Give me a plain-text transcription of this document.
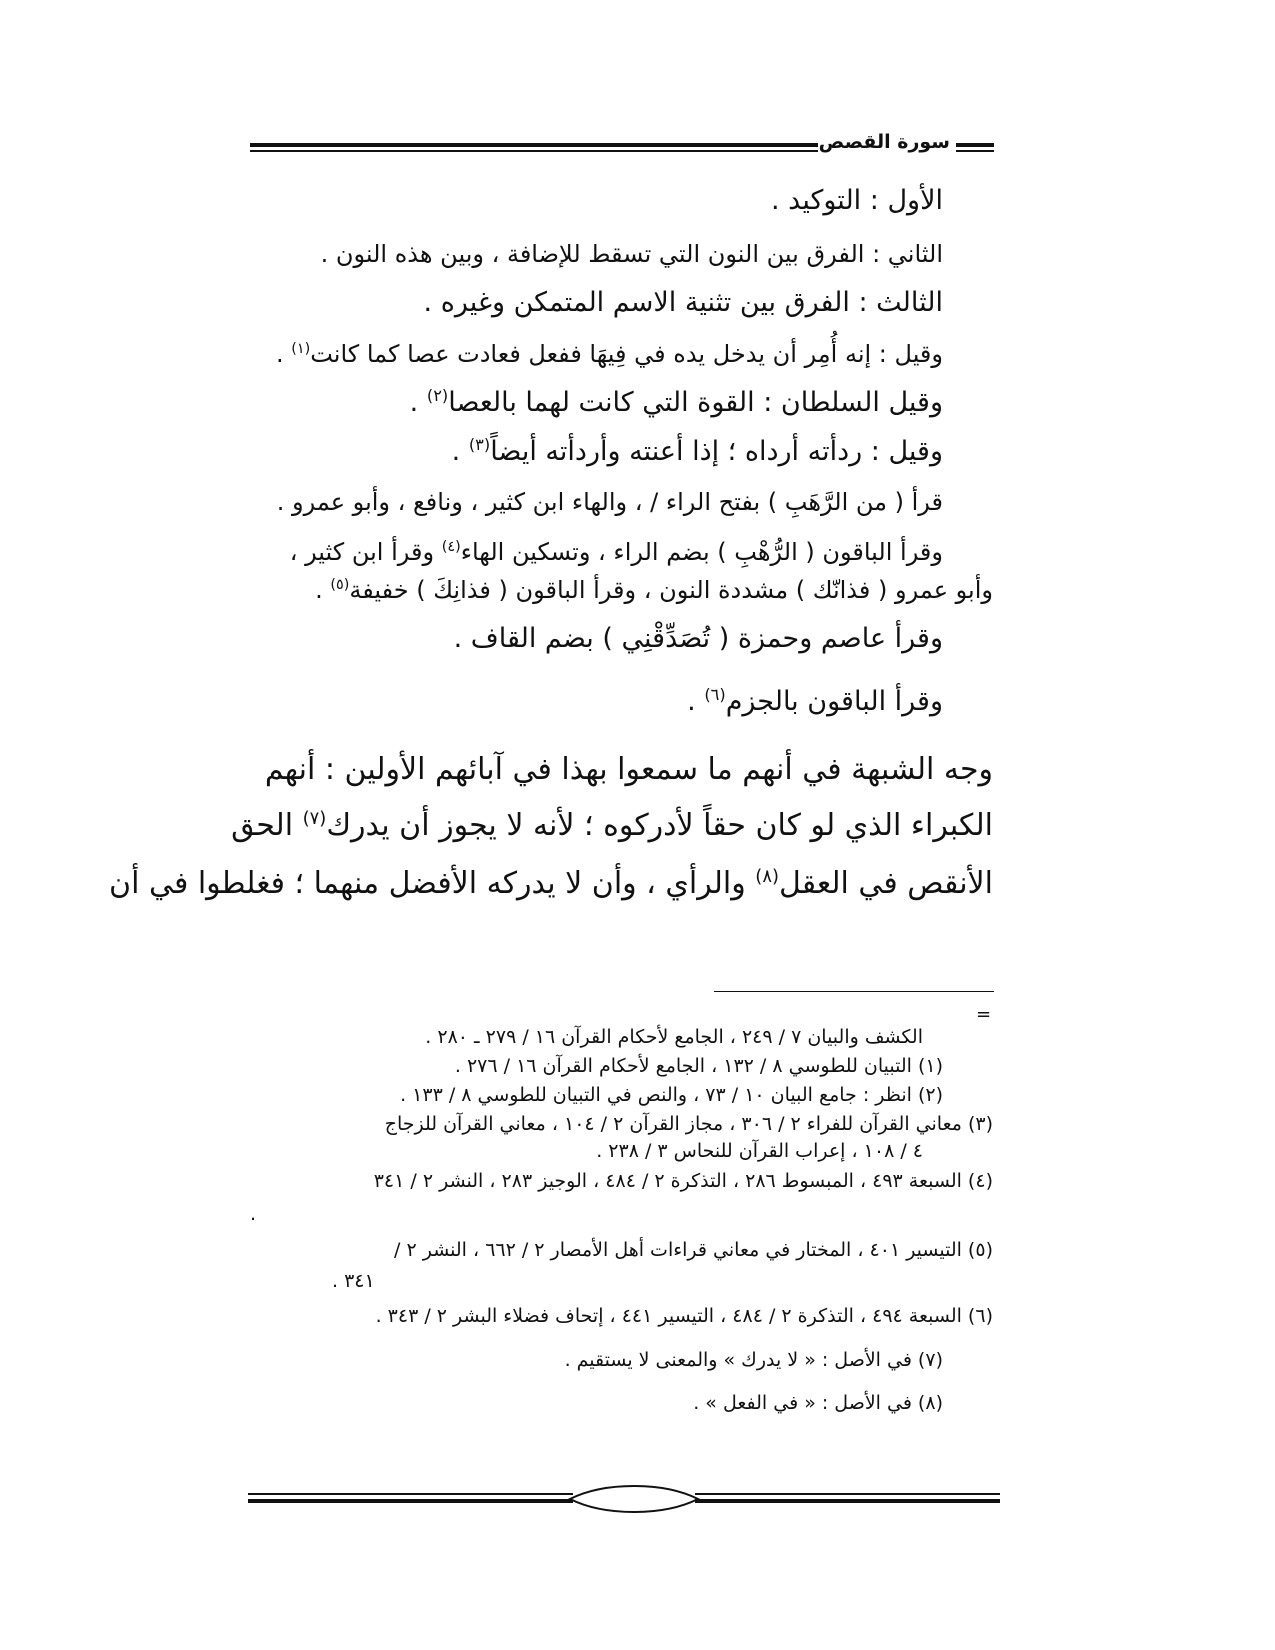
سورة القصص
الأول : التوكيد .
الثاني : الفرق بين النون التي تسقط للإضافة ، وبين هذه النون .
الثالث : الفرق بين تثنية الاسم المتمكن وغيره .
وقيل : إنه أُمِر أن يدخل يده في فِيهَا ففعل فعادت عصا كما كانت$^{(١)}$ .
وقيل السلطان : القوة التي كانت لهما بالعصا$^{(٢)}$ .
وقيل : ردأته أرداه ؛ إذا أعنته وأردأته أيضاً$^{(٣)}$ .
قرأ ( من الرَّهَبِ ) بفتح الراء / ، والهاء ابن كثير ، ونافع ، وأبو عمرو .
وقرأ الباقون ( الرُّهْبِ ) بضم الراء ، وتسكين الهاء$^{(٤)}$ وقرأ ابن كثير ،
وأبو عمرو ( فذانّك ) مشددة النون ، وقرأ الباقون ( فذانِكَ ) خفيفة$^{(٥)}$ .
وقرأ عاصم وحمزة ( تُصَدِّقْنِي ) بضم القاف .
وقرأ الباقون بالجزم$^{(٦)}$ .
وجه الشبهة في أنهم ما سمعوا بهذا في آبائهم الأولين : أنهم
الكبراء الذي لو كان حقاً لأدركوه ؛ لأنه لا يجوز أن يدرك$^{(٧)}$ الحق
الأنقص في العقل$^{(٨)}$ والرأي ، وأن لا يدركه الأفضل منهما ؛ فغلطوا في أن
=
الكشف والبيان ٧ / ٢٤٩ ، الجامع لأحكام القرآن ١٦ / ٢٧٩ ـ ٢٨٠ .
(١) التبيان للطوسي ٨ / ١٣٢ ، الجامع لأحكام القرآن ١٦ / ٢٧٦ .
(٢) انظر : جامع البيان ١٠ / ٧٣ ، والنص في التبيان للطوسي ٨ / ١٣٣ .
(٣) معاني القرآن للفراء ٢ / ٣٠٦ ، مجاز القرآن ٢ / ١٠٤ ، معاني القرآن للزجاج
٤ / ١٠٨ ، إعراب القرآن للنحاس ٣ / ٢٣٨ .
(٤) السبعة ٤٩٣ ، المبسوط ٢٨٦ ، التذكرة ٢ / ٤٨٤ ، الوجيز ٢٨٣ ، النشر ٢ / ٣٤١
.
(٥) التيسير ٤٠١ ، المختار في معاني قراءات أهل الأمصار ٢ / ٦٦٢ ، النشر ٢ /
٣٤١ .
(٦) السبعة ٤٩٤ ، التذكرة ٢ / ٤٨٤ ، التيسير ٤٤١ ، إتحاف فضلاء البشر ٢ / ٣٤٣ .
(٧) في الأصل : « لا يدرك » والمعنى لا يستقيم .
(٨) في الأصل : « في الفعل » .
